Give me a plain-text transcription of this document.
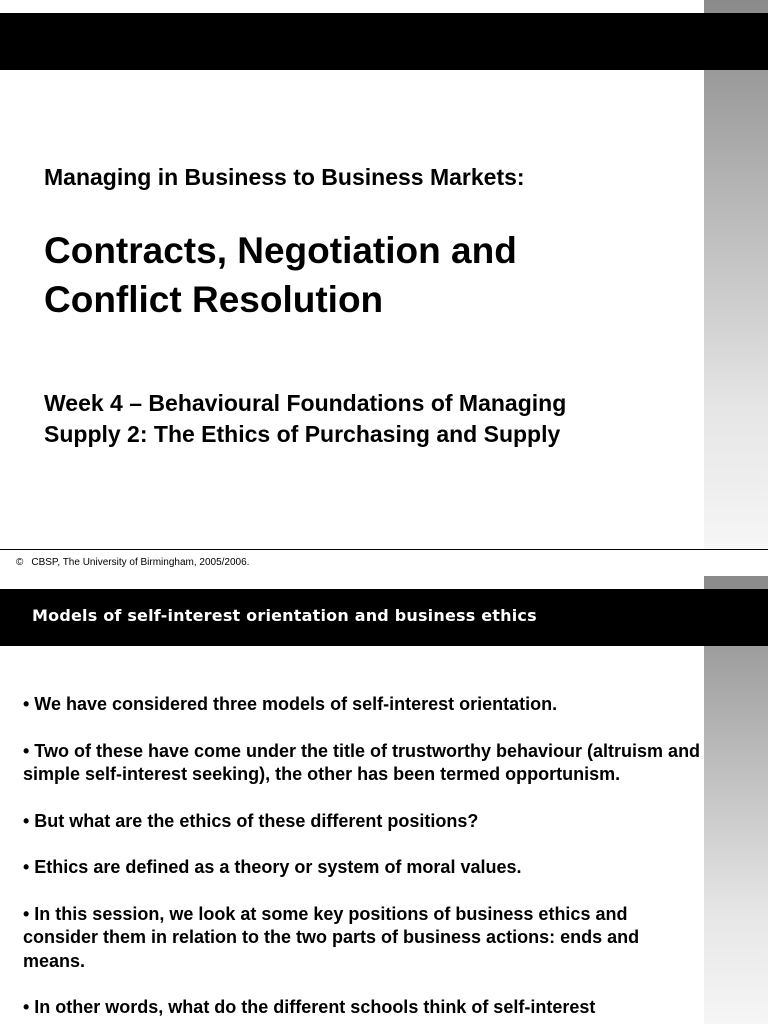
Managing in Business to Business Markets:
Contracts, Negotiation and
Conflict Resolution
Week 4 – Behavioural Foundations of Managing
Supply 2: The Ethics of Purchasing and Supply
© CBSP, The University of Birmingham, 2005/2006.
Models of self-interest orientation and business ethics

• We have considered three models of self-interest orientation.

• Two of these have come under the title of trustworthy behaviour (altruism and simple self-interest seeking), the other has been termed opportunism.

• But what are the ethics of these different positions?

• Ethics are defined as a theory or system of moral values.

• In this session, we look at some key positions of business ethics and consider them in relation to the two parts of business actions: ends and means.

• In other words, what do the different schools think of self-interest
